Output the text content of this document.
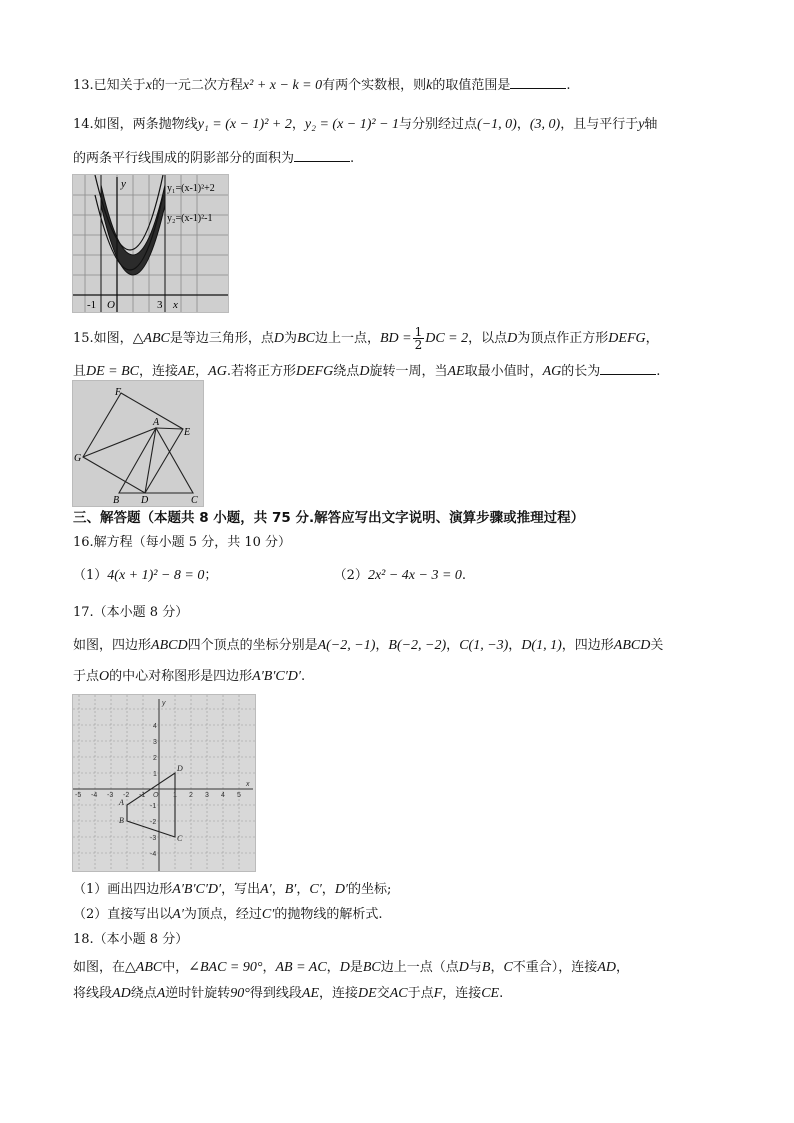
13.已知关于x的一元二次方程x² + x − k = 0有两个实数根，则k的取值范围是	.
14.如图，两条抛物线y₁ = (x − 1)² + 2，y₂ = (x − 1)² − 1与分别经过点(−1, 0)，(3, 0)，且与平行于y轴
的两条平行线围成的阴影部分的面积为	.
y	y₁=(x-1)²+2
y₂=(x-1)²-1
-1 O	3 x
15.如图，△ABC是等边三角形，点D为BC边上一点，BD = $\frac{1}{2}$ DC = 2，以点D为顶点作正方形DEFG，
且DE = BC，连接AE，AG.若将正方形DEFG绕点D旋转一周，当AE取最小值时，AG的长为	.
F
A
E
G
B D	C
三、解答题（本题共 8 小题，共 75 分.解答应写出文字说明、演算步骤或推理过程）
16.解方程（每小题 5 分，共 10 分）
（1）4(x + 1)² − 8 = 0；	（2）2x² − 4x − 3 = 0.
17.（本小题 8 分）
如图，四边形ABCD四个顶点的坐标分别是A(−2, −1)，B(−2, −2)，C(1, −3)，D(1, 1)，四边形ABCD关
于点O的中心对称图形是四边形A′B′C′D′.
-5 -4 -3 -2 -1 O 1 2 3 4 5
4
3
2
1
-1
-2
-3
-4
y
x
A
B
C
D
（1）画出四边形A′B′C′D′，写出A′，B′，C′，D′的坐标;
（2）直接写出以A′为顶点，经过C′的抛物线的解析式.
18.（本小题 8 分）
如图，在△ABC中，∠BAC = 90°，AB = AC，D是BC边上一点（点D与B，C不重合），连接AD，
将线段AD绕点A逆时针旋转90°得到线段AE，连接DE交AC于点F，连接CE.
